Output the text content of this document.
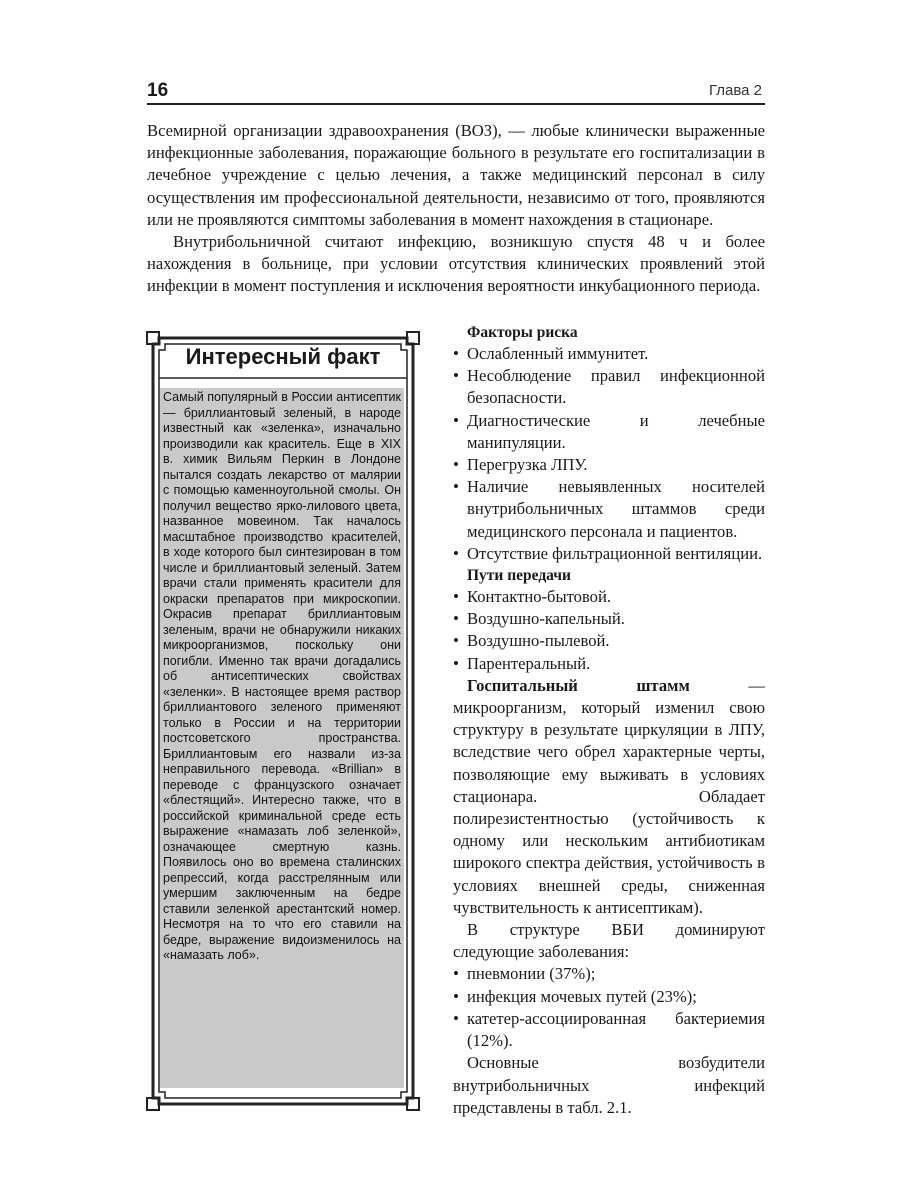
16	Глава 2

Всемирной организации здравоохранения (ВОЗ), — любые клинически выраженные инфекционные заболевания, поражающие больного в результате его госпитализации в лечебное учреждение с целью лечения, а также медицинский персонал в силу осуществления им профессиональной деятельности, независимо от того, проявляются или не проявляются симптомы заболевания в момент нахождения в стационаре.

Внутрибольничной считают инфекцию, возникшую спустя 48 ч и более нахождения в больнице, при условии отсутствия клинических проявлений этой инфекции в момент поступления и исключения вероятности инкубационного периода.

Интересный факт

Самый популярный в России антисептик — бриллиантовый зеленый, в народе известный как «зеленка», изначально производили как краситель. Еще в XIX в. химик Вильям Перкин в Лондоне пытался создать лекарство от малярии с помощью каменноугольной смолы. Он получил вещество ярко-лилового цвета, названное мовеином. Так началось масштабное производство красителей, в ходе которого был синтезирован в том числе и бриллиантовый зеленый. Затем врачи стали применять красители для окраски препаратов при микроскопии. Окрасив препарат бриллиантовым зеленым, врачи не обнаружили никаких микроорганизмов, поскольку они погибли. Именно так врачи догадались об антисептических свойствах «зеленки». В настоящее время раствор бриллиантового зеленого применяют только в России и на территории постсоветского пространства. Бриллиантовым его назвали из-за неправильного перевода. «Brillian» в переводе с французского означает «блестящий». Интересно также, что в российской криминальной среде есть выражение «намазать лоб зеленкой», означающее смертную казнь. Появилось оно во времена сталинских репрессий, когда расстрелянным или умершим заключенным на бедре ставили зеленкой арестантский номер. Несмотря на то что его ставили на бедре, выражение видоизменилось на «намазать лоб».

Факторы риска

• Ослабленный иммунитет.
• Несоблюдение правил инфекционной безопасности.
• Диагностические и лечебные манипуляции.
• Перегрузка ЛПУ.
• Наличие невыявленных носителей внутрибольничных штаммов среди медицинского персонала и пациентов.
• Отсутствие фильтрационной вентиляции.

Пути передачи

• Контактно-бытовой.
• Воздушно-капельный.
• Воздушно-пылевой.
• Парентеральный.

Госпитальный штамм — микроорганизм, который изменил свою структуру в результате циркуляции в ЛПУ, вследствие чего обрел характерные черты, позволяющие ему выживать в условиях стационара. Обладает полирезистентностью (устойчивость к одному или нескольким антибиотикам широкого спектра действия, устойчивость в условиях внешней среды, сниженная чувствительность к антисептикам).

В структуре ВБИ доминируют следующие заболевания:

• пневмонии (37%);
• инфекция мочевых путей (23%);
• катетер-ассоциированная бактериемия (12%).

Основные возбудители внутрибольничных инфекций представлены в табл. 2.1.
